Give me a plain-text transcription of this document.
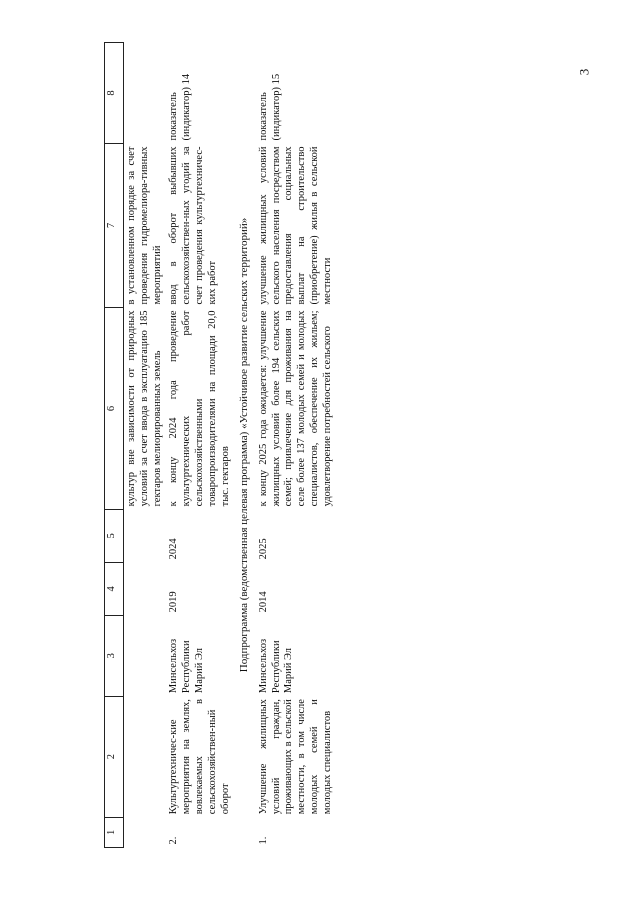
3
1	2	3	4	5	6	7	8
					культур вне зависимости от природных условий за счет ввода в эксплуатацию 185 гектаров мелиорированных земель	в установленном порядке за счет проведения гидромелиора-тивных мероприятий	
2.	Культуртехничес-кие мероприятия на землях, вовлекаемых в сельскохозяйствен-ный оборот	Минсельхоз Республики Марий Эл	2019	2024	к концу 2024 года проведение культуртехнических работ сельскохозяйственными товаропроизводителями на площади 20,0 тыс. гектаров	ввод в оборот выбывших сельскохозяйствен-ных угодий за счет проведения культуртехничес-ких работ	показатель (индикатор) 14
Подпрограмма (ведомственная целевая программа) «Устойчивое развитие сельских территорий»							
1.	Улучшение жилищных условий граждан, проживающих в сельской местности, в том числе молодых семей и молодых специалистов	Минсельхоз Республики Марий Эл	2014	2025	к концу 2025 года ожидается: улучшение жилищных условий более 194 сельских семей; привлечение для проживания на селе более 137 молодых семей и молодых специалистов, обеспечение их жильем; удовлетворение потребностей сельского	улучшение жилищных условий сельского населения посредством предоставления социальных выплат на строительство (приобретение) жилья в сельской местности	показатель (индикатор) 15
